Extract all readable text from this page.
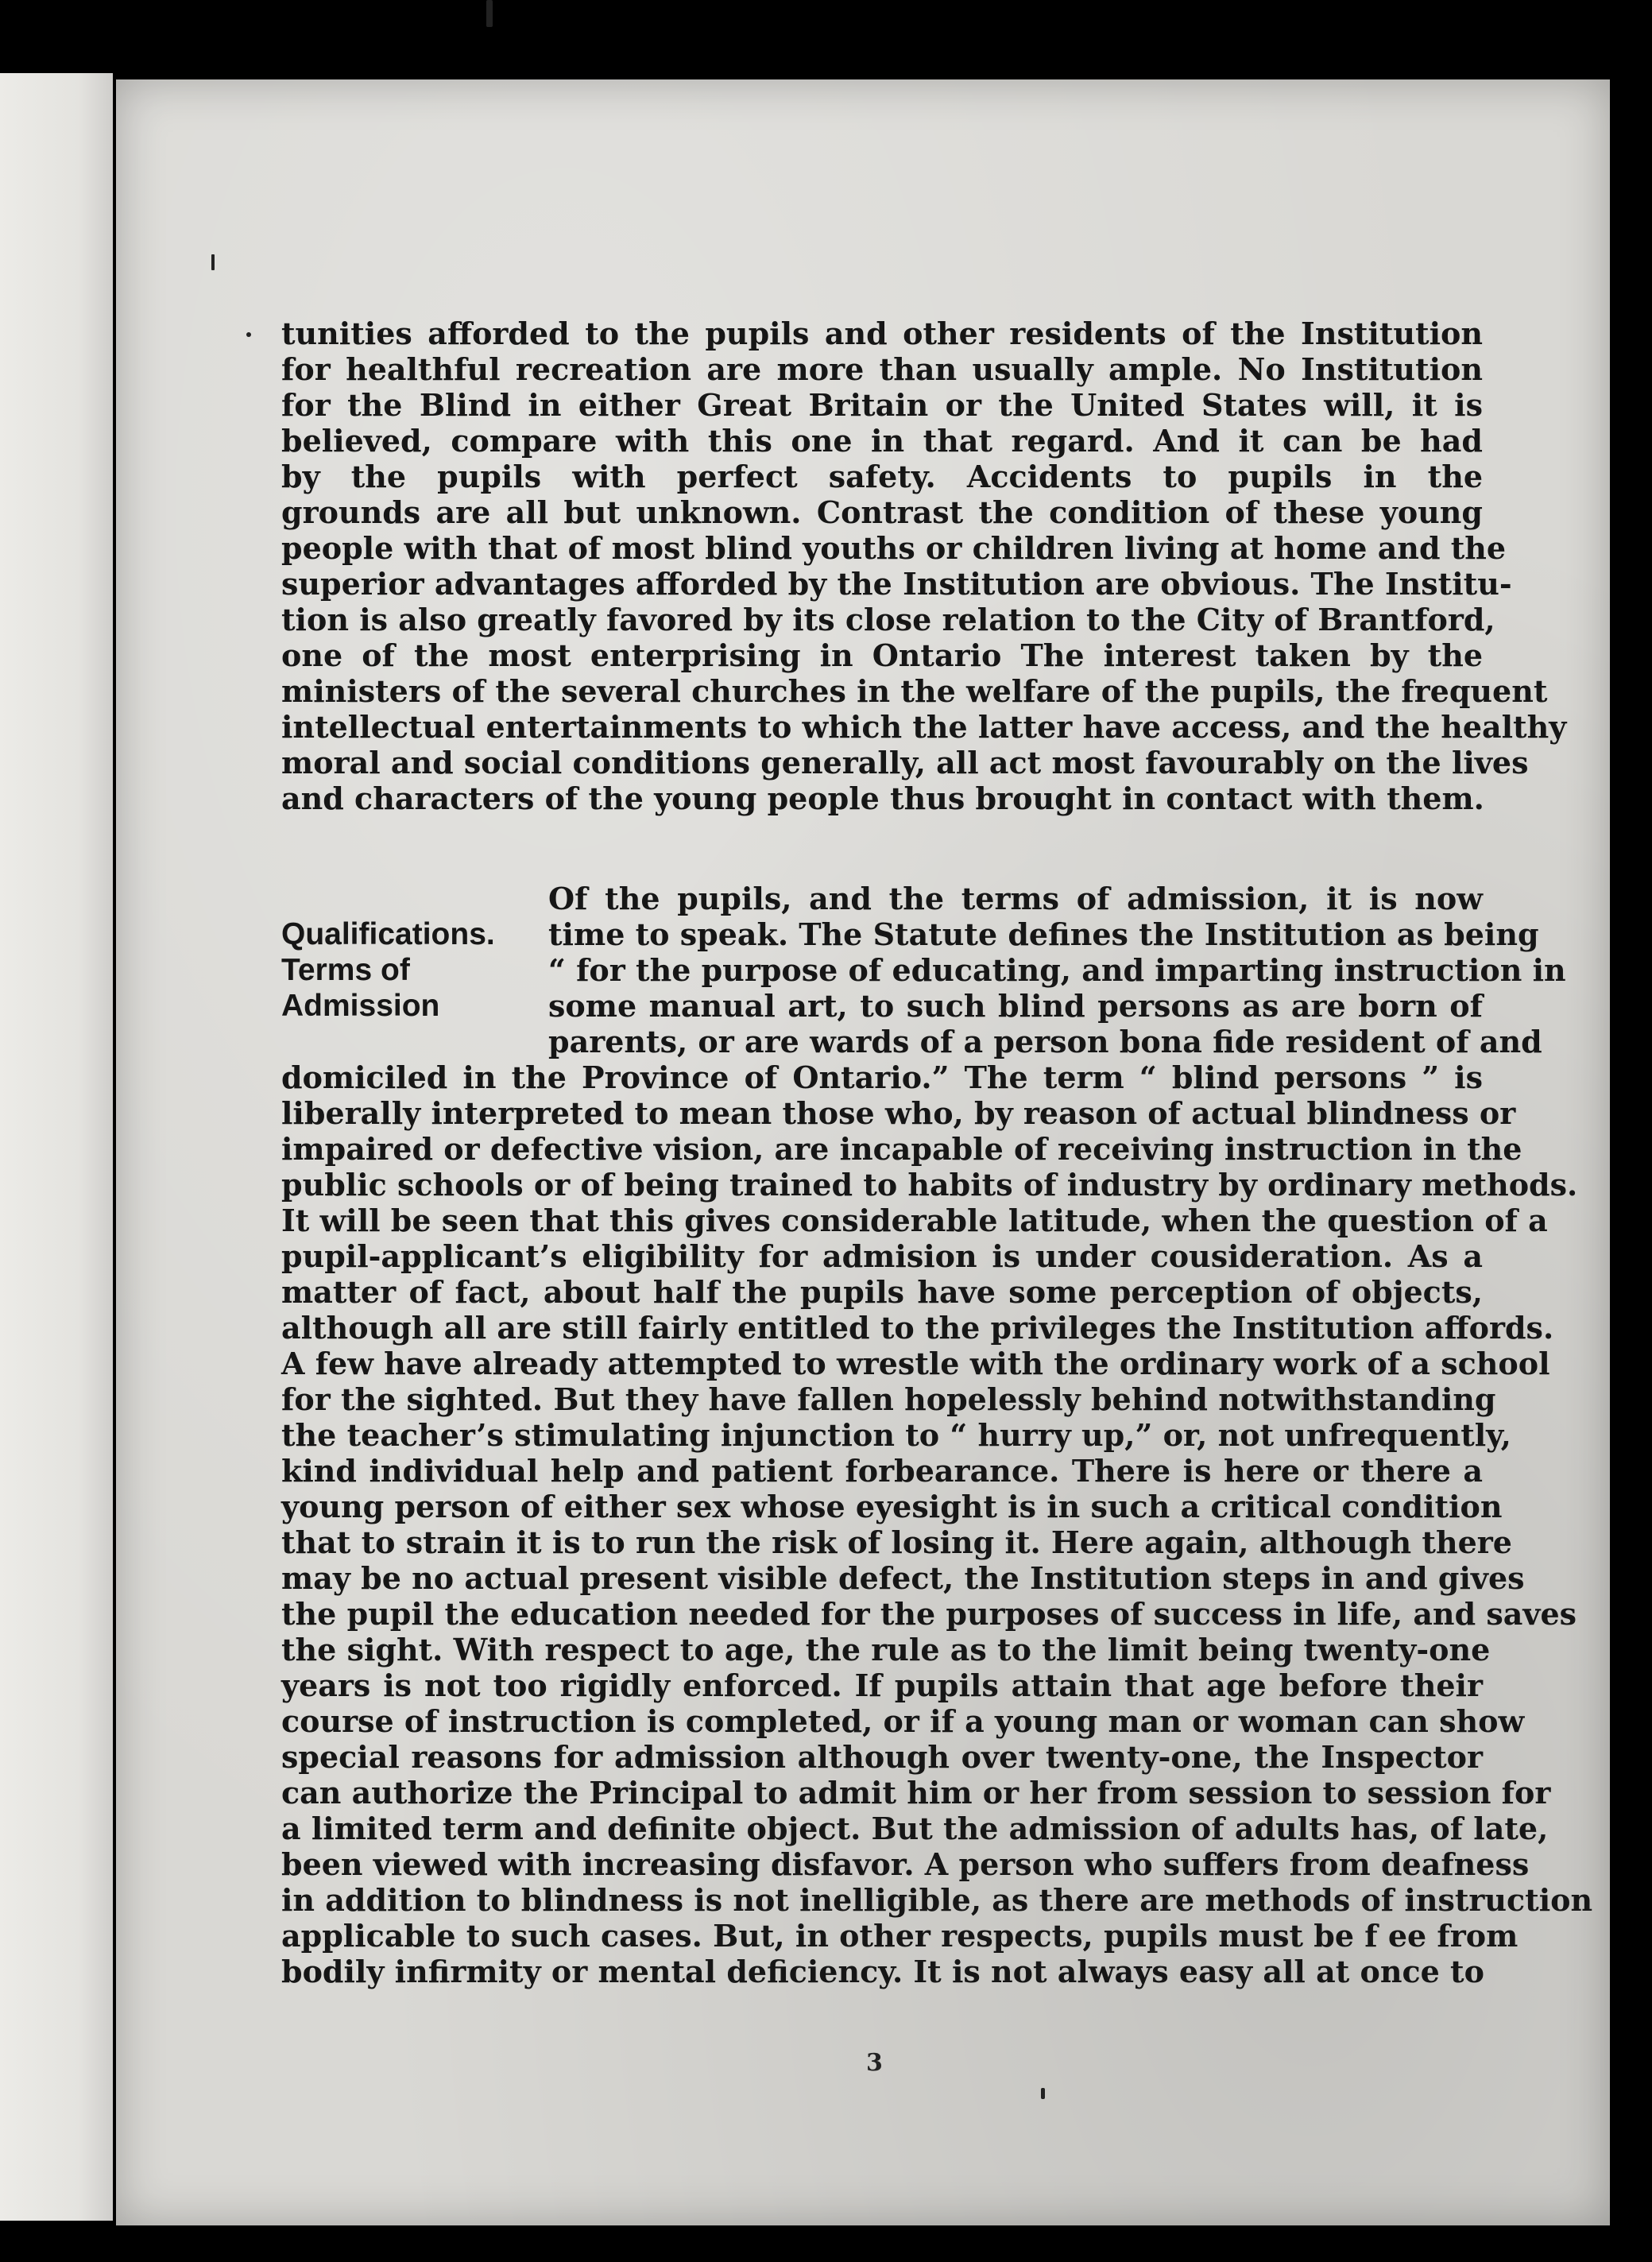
tunities afforded to the pupils and other residents of the Institution
for healthful recreation are more than usually ample. No Institution
for the Blind in either Great Britain or the United States will, it is
believed, compare with this one in that regard. And it can be had
by the pupils with perfect safety. Accidents to pupils in the
grounds are all but unknown. Contrast the condition of these young
people with that of most blind youths or children living at home and the
superior advantages afforded by the Institution are obvious. The Institu-
tion is also greatly favored by its close relation to the City of Brantford,
one of the most enterprising in Ontario The interest taken by the
ministers of the several churches in the welfare of the pupils, the frequent
intellectual entertainments to which the latter have access, and the healthy
moral and social conditions generally, all act most favourably on the lives
and characters of the young people thus brought in contact with them.
Qualifications.
Terms of
Admission
Of the pupils, and the terms of admission, it is now
time to speak. The Statute defines the Institution as being
“ for the purpose of educating, and imparting instruction in
some manual art, to such blind persons as are born of
parents, or are wards of a person bona fide resident of and
domiciled in the Province of Ontario.” The term “ blind persons ” is
liberally interpreted to mean those who, by reason of actual blindness or
impaired or defective vision, are incapable of receiving instruction in the
public schools or of being trained to habits of industry by ordinary methods.
It will be seen that this gives considerable latitude, when the question of a
pupil-applicant’s eligibility for admision is under cousideration. As a
matter of fact, about half the pupils have some perception of objects,
although all are still fairly entitled to the privileges the Institution affords.
A few have already attempted to wrestle with the ordinary work of a school
for the sighted. But they have fallen hopelessly behind notwithstanding
the teacher’s stimulating injunction to “ hurry up,” or, not unfrequently,
kind individual help and patient forbearance. There is here or there a
young person of either sex whose eyesight is in such a critical condition
that to strain it is to run the risk of losing it. Here again, although there
may be no actual present visible defect, the Institution steps in and gives
the pupil the education needed for the purposes of success in life, and saves
the sight. With respect to age, the rule as to the limit being twenty-one
years is not too rigidly enforced. If pupils attain that age before their
course of instruction is completed, or if a young man or woman can show
special reasons for admission although over twenty-one, the Inspector
can authorize the Principal to admit him or her from session to session for
a limited term and definite object. But the admission of adults has, of late,
been viewed with increasing disfavor. A person who suffers from deafness
in addition to blindness is not inelligible, as there are methods of instruction
applicable to such cases. But, in other respects, pupils must be f ee from
bodily infirmity or mental deficiency. It is not always easy all at once to
3
